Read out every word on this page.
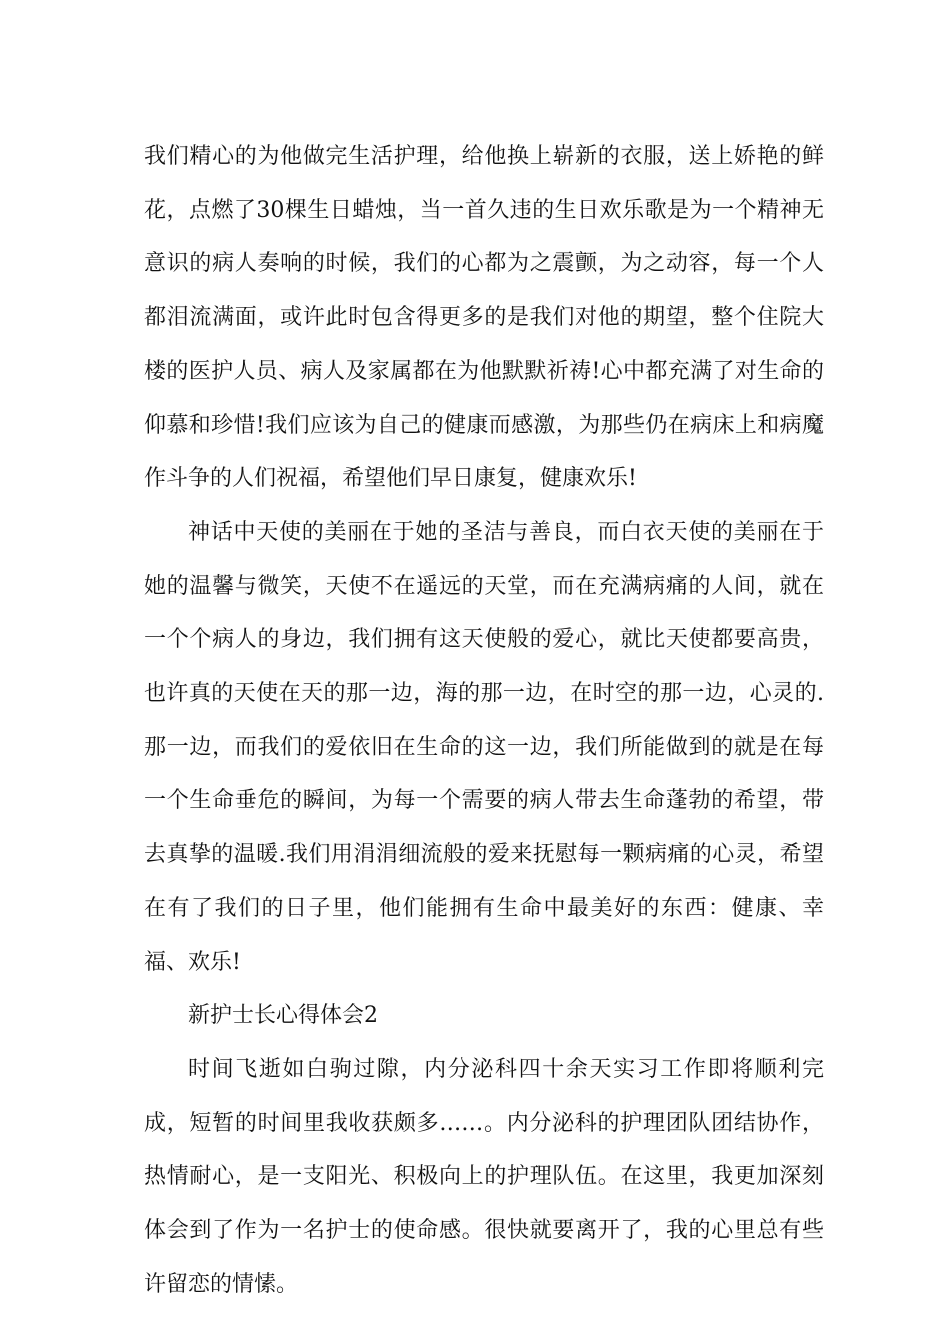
我们精心的为他做完生活护理，给他换上崭新的衣服，送上娇艳的鲜花，点燃了30棵生日蜡烛，当一首久违的生日欢乐歌是为一个精神无意识的病人奏响的时候，我们的心都为之震颤，为之动容，每一个人都泪流满面，或许此时包含得更多的是我们对他的期望，整个住院大楼的医护人员、病人及家属都在为他默默祈祷!心中都充满了对生命的仰慕和珍惜!我们应该为自己的健康而感激，为那些仍在病床上和病魔作斗争的人们祝福，希望他们早日康复，健康欢乐!

神话中天使的美丽在于她的圣洁与善良，而白衣天使的美丽在于她的温馨与微笑，天使不在遥远的天堂，而在充满病痛的人间，就在一个个病人的身边，我们拥有这天使般的爱心，就比天使都要高贵，也许真的天使在天的那一边，海的那一边，在时空的那一边，心灵的.那一边，而我们的爱依旧在生命的这一边，我们所能做到的就是在每一个生命垂危的瞬间，为每一个需要的病人带去生命蓬勃的希望，带去真挚的温暖.我们用涓涓细流般的爱来抚慰每一颗病痛的心灵，希望在有了我们的日子里，他们能拥有生命中最美好的东西：健康、幸福、欢乐!

新护士长心得体会2

时间飞逝如白驹过隙，内分泌科四十余天实习工作即将顺利完成，短暂的时间里我收获颇多……。内分泌科的护理团队团结协作，热情耐心，是一支阳光、积极向上的护理队伍。在这里，我更加深刻体会到了作为一名护士的使命感。很快就要离开了，我的心里总有些许留恋的情愫。
